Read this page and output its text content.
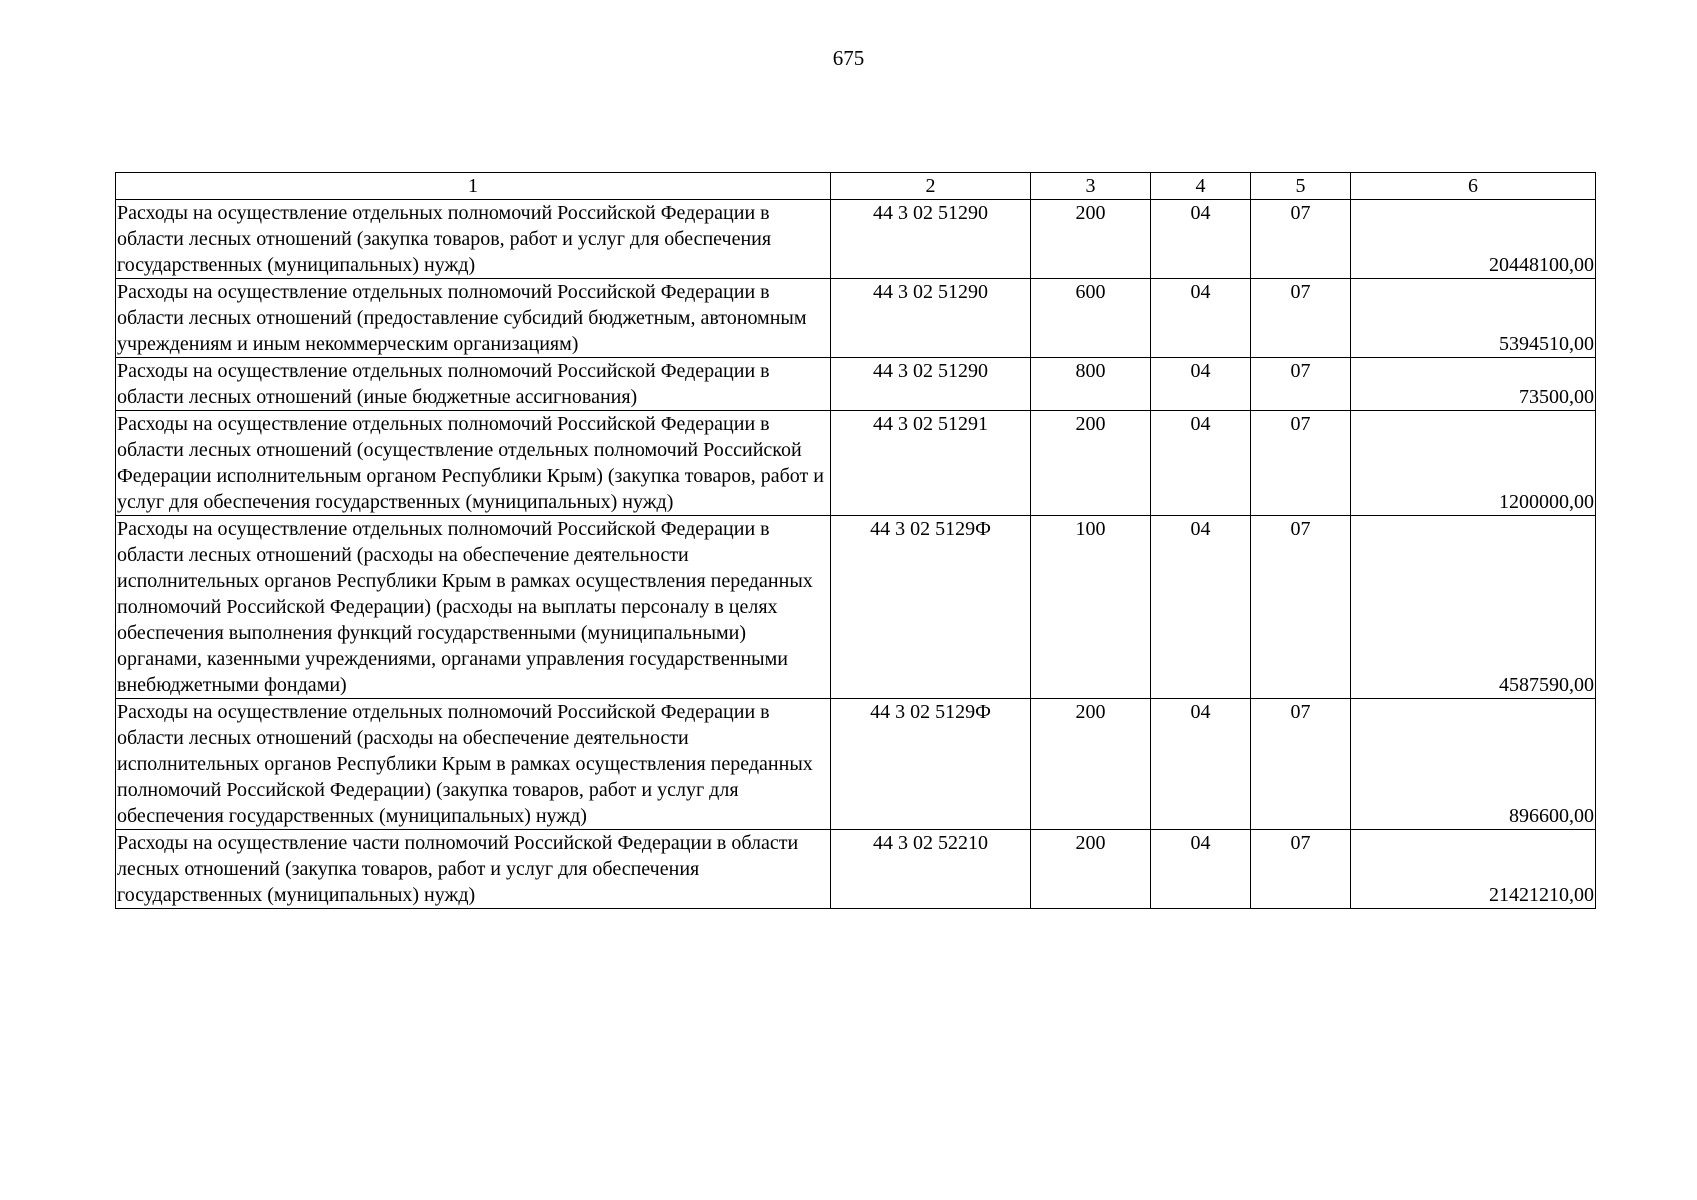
675
1	2	3	4	5	6
Расходы на осуществление отдельных полномочий Российской Федерации в области лесных отношений (закупка товаров, работ и услуг для обеспечения государственных (муниципальных) нужд)	44 3 02 51290	200	04	07	20448100,00
Расходы на осуществление отдельных полномочий Российской Федерации в области лесных отношений (предоставление субсидий бюджетным, автономным учреждениям и иным некоммерческим организациям)	44 3 02 51290	600	04	07	5394510,00
Расходы на осуществление отдельных полномочий Российской Федерации в области лесных отношений (иные бюджетные ассигнования)	44 3 02 51290	800	04	07	73500,00
Расходы на осуществление отдельных полномочий Российской Федерации в области лесных отношений (осуществление отдельных полномочий Российской Федерации исполнительным органом Республики Крым) (закупка товаров, работ и услуг для обеспечения государственных (муниципальных) нужд)	44 3 02 51291	200	04	07	1200000,00
Расходы на осуществление отдельных полномочий Российской Федерации в области лесных отношений (расходы на обеспечение деятельности исполнительных органов Республики Крым в рамках осуществления переданных полномочий Российской Федерации) (расходы на выплаты персоналу в целях обеспечения выполнения функций государственными (муниципальными) органами, казенными учреждениями, органами управления государственными внебюджетными фондами)	44 3 02 5129Ф	100	04	07	4587590,00
Расходы на осуществление отдельных полномочий Российской Федерации в области лесных отношений (расходы на обеспечение деятельности исполнительных органов Республики Крым в рамках осуществления переданных полномочий Российской Федерации) (закупка товаров, работ и услуг для обеспечения государственных (муниципальных) нужд)	44 3 02 5129Ф	200	04	07	896600,00
Расходы на осуществление части полномочий Российской Федерации в области лесных отношений (закупка товаров, работ и услуг для обеспечения государственных (муниципальных) нужд)	44 3 02 52210	200	04	07	21421210,00
